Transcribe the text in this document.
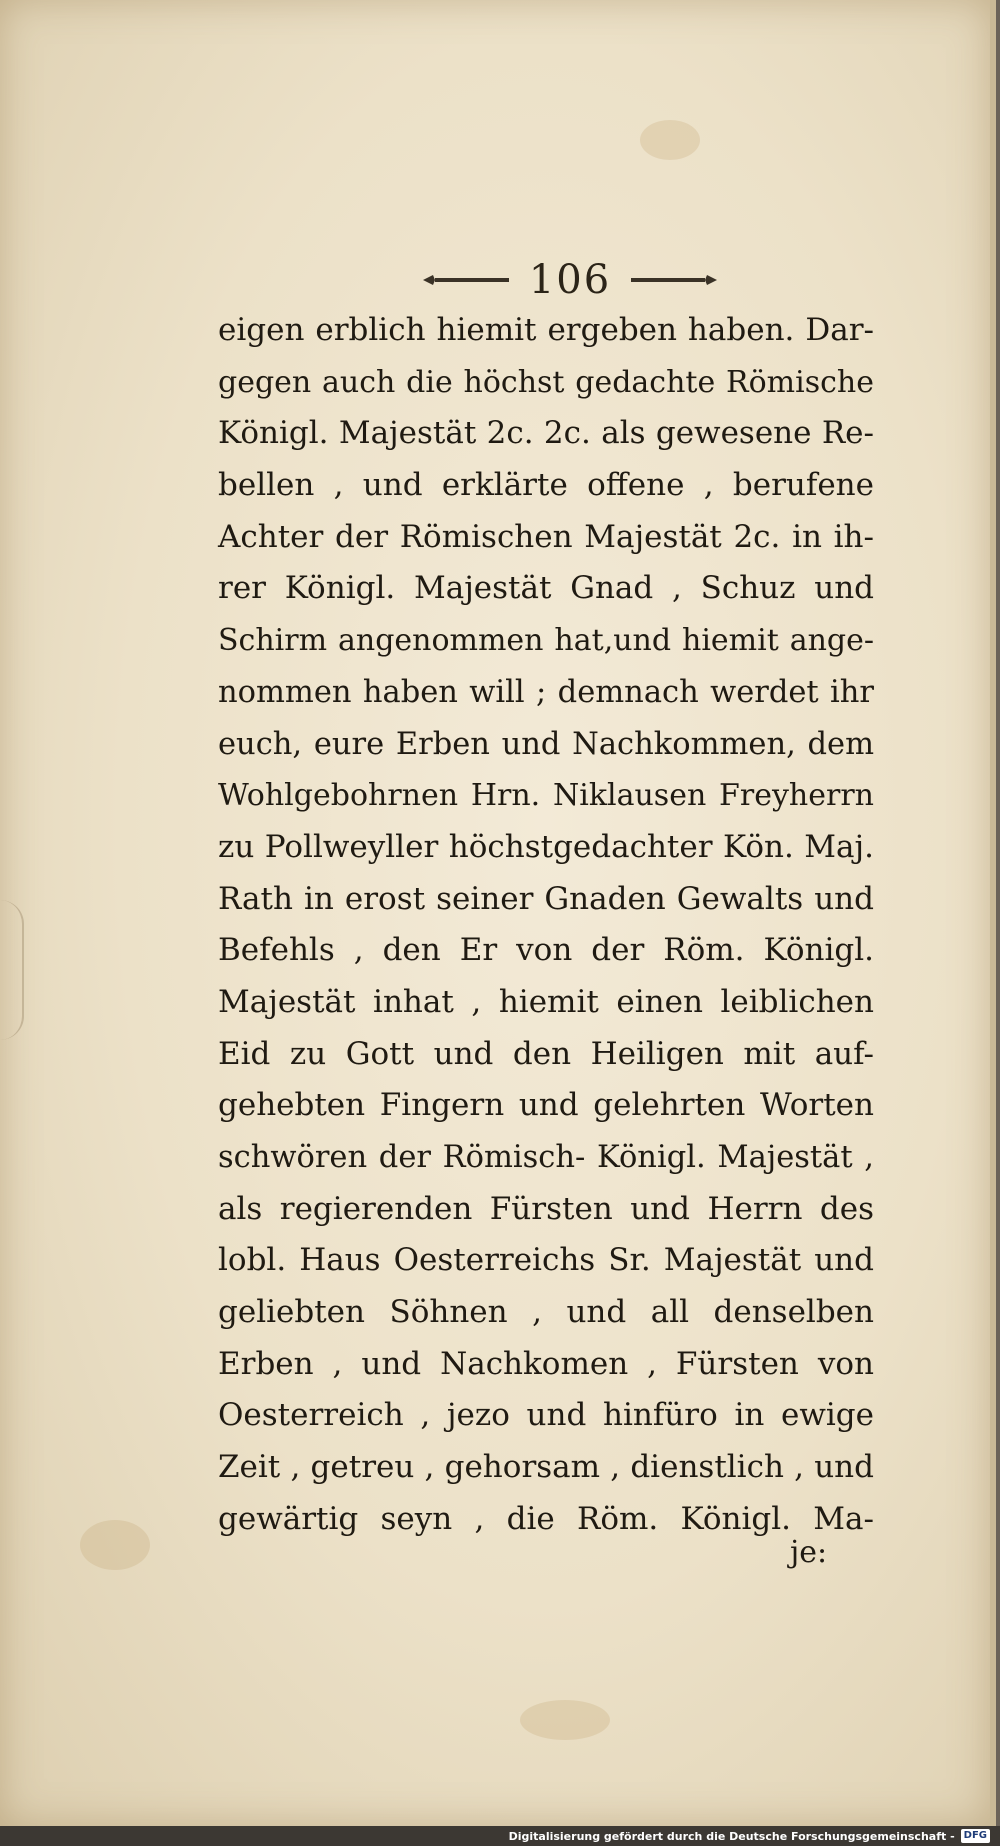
106
eigen erblich hiemit ergeben haben. Dar-
gegen auch die höchst gedachte Römische
Königl. Majestät 2c. 2c. als gewesene Re-
bellen , und erklärte offene , berufene
Achter der Römischen Majestät 2c. in ih-
rer Königl. Majestät Gnad , Schuz und
Schirm angenommen hat,und hiemit ange-
nommen haben will ; demnach werdet ihr
euch, eure Erben und Nachkommen, dem
Wohlgebohrnen Hrn. Niklausen Freyherrn
zu Pollweyller höchstgedachter Kön. Maj.
Rath in erost seiner Gnaden Gewalts und
Befehls , den Er von der Röm. Königl.
Majestät inhat , hiemit einen leiblichen
Eid zu Gott und den Heiligen mit auf-
gehebten Fingern und gelehrten Worten
schwören der Römisch- Königl. Majestät ,
als regierenden Fürsten und Herrn des
lobl. Haus Oesterreichs Sr. Majestät und
geliebten Söhnen , und all denselben
Erben , und Nachkomen , Fürsten von
Oesterreich , jezo und hinfüro in ewige
Zeit , getreu , gehorsam , dienstlich , und
gewärtig seyn , die Röm. Königl. Ma-
je:
Digitalisierung gefördert durch die Deutsche Forschungsgemeinschaft - DFG
